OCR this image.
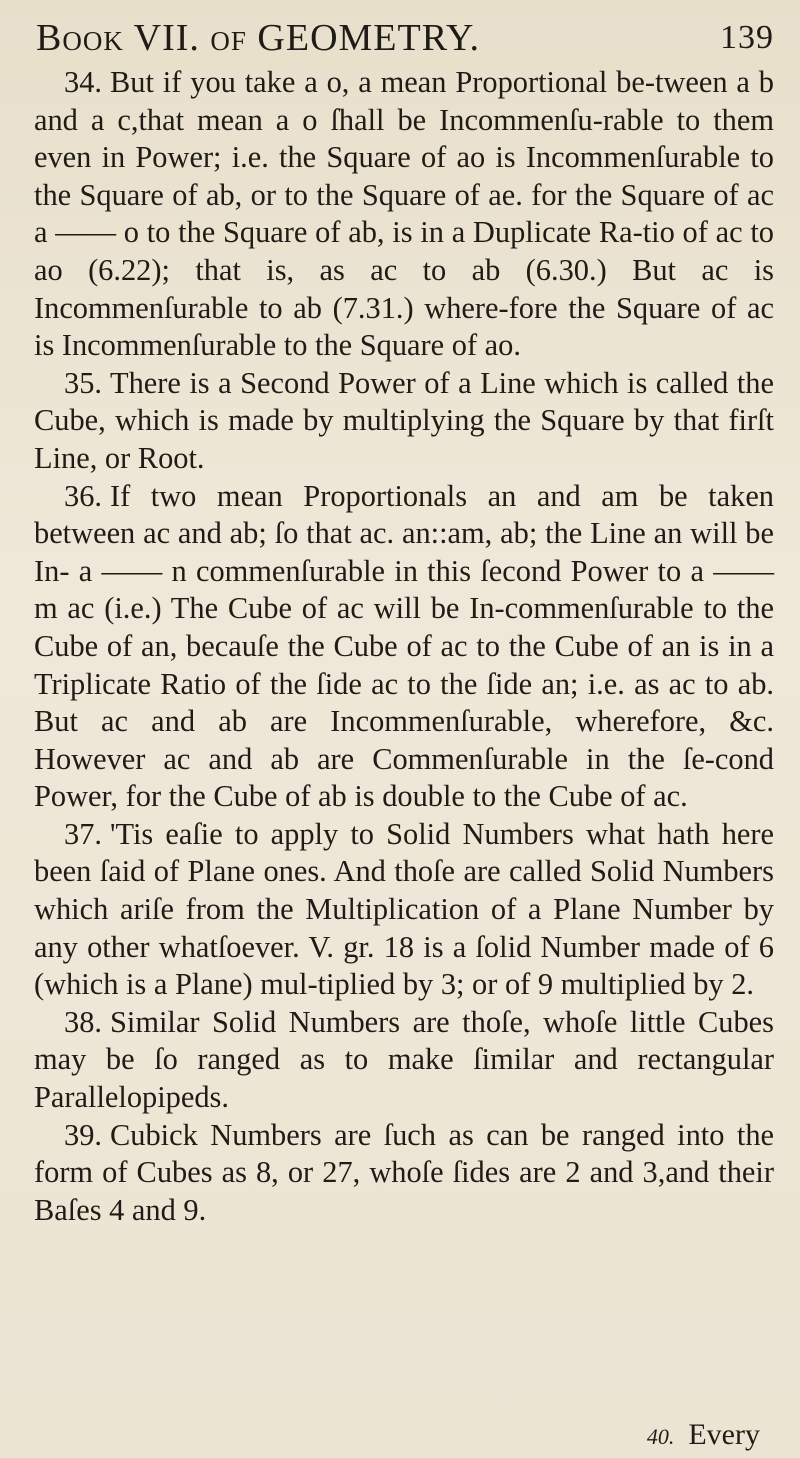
Book VII. of GEOMETRY.	139

34. But if you take a o, a mean Proportional be-tween a b and a c,that mean a o ſhall be Incommenſu-rable to them even in Power; i.e. the Square of ao is Incommenſurable to the Square of ab, or to the Square of ae. for the Square of ac a —— o to the Square of ab, is in a Duplicate Ra-tio of ac to ao (6.22); that is, as ac to ab (6.30.) But ac is Incommenſurable to ab (7.31.) where-fore the Square of ac is Incommenſurable to the Square of ao.

35. There is a Second Power of a Line which is called the Cube, which is made by multiplying the Square by that firſt Line, or Root.

36. If two mean Proportionals an and am be taken between ac and ab; ſo that ac. an::am, ab; the Line an will be In- a —— n commenſurable in this ſecond Power to a —— m ac (i.e.) The Cube of ac will be In-commenſurable to the Cube of an, becauſe the Cube of ac to the Cube of an is in a Triplicate Ratio of the ſide ac to the ſide an; i.e. as ac to ab. But ac and ab are Incommenſurable, wherefore, &c. However ac and ab are Commenſurable in the ſe-cond Power, for the Cube of ab is double to the Cube of ac.

37. 'Tis eaſie to apply to Solid Numbers what hath here been ſaid of Plane ones. And thoſe are called Solid Numbers which ariſe from the Multiplication of a Plane Number by any other whatſoever. V. gr. 18 is a ſolid Number made of 6 (which is a Plane) mul-tiplied by 3; or of 9 multiplied by 2.

38. Similar Solid Numbers are thoſe, whoſe little Cubes may be ſo ranged as to make ſimilar and rectangular Parallelopipeds.

39. Cubick Numbers are ſuch as can be ranged into the form of Cubes as 8, or 27, whoſe ſides are 2 and 3,and their Baſes 4 and 9.

40. Every
